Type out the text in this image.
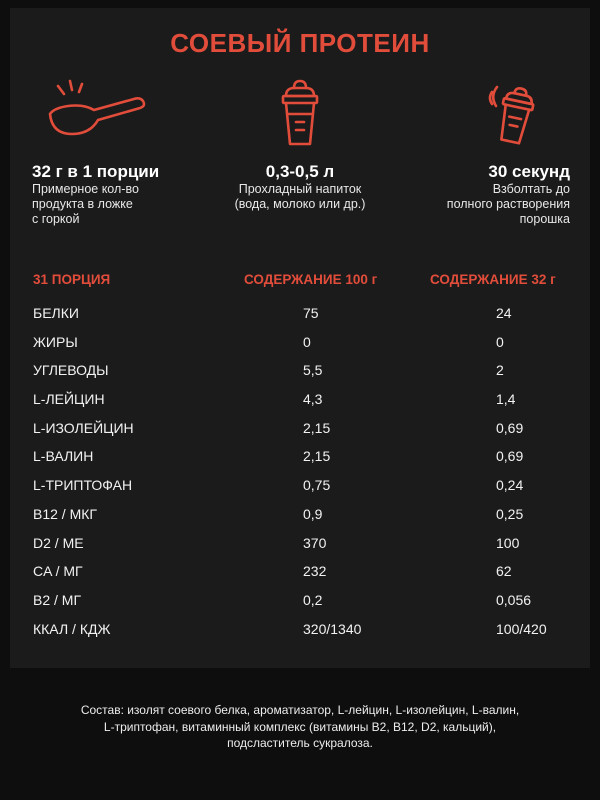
СОЕВЫЙ ПРОТЕИН
32 г в 1 порции
Примерное кол-во
продукта в ложке
с горкой
0,3-0,5 л
Прохладный напиток
(вода, молоко или др.)
30 секунд
Взболтать до
полного растворения
порошка
31 ПОРЦИЯ	СОДЕРЖАНИЕ 100 г	СОДЕРЖАНИЕ 32 г
БЕЛКИ	75	24
ЖИРЫ	0	0
УГЛЕВОДЫ	5,5	2
L-ЛЕЙЦИН	4,3	1,4
L-ИЗОЛЕЙЦИН	2,15	0,69
L-ВАЛИН	2,15	0,69
L-ТРИПТОФАН	0,75	0,24
B12 / МКГ	0,9	0,25
D2 / МЕ	370	100
CA / МГ	232	62
B2 / МГ	0,2	0,056
ККАЛ / КДЖ	320/1340	100/420
Состав: изолят соевого белка, ароматизатор, L-лейцин, L-изолейцин, L-валин,
L-триптофан, витаминный комплекс (витамины B2, B12, D2, кальций),
подсластитель сукралоза.
